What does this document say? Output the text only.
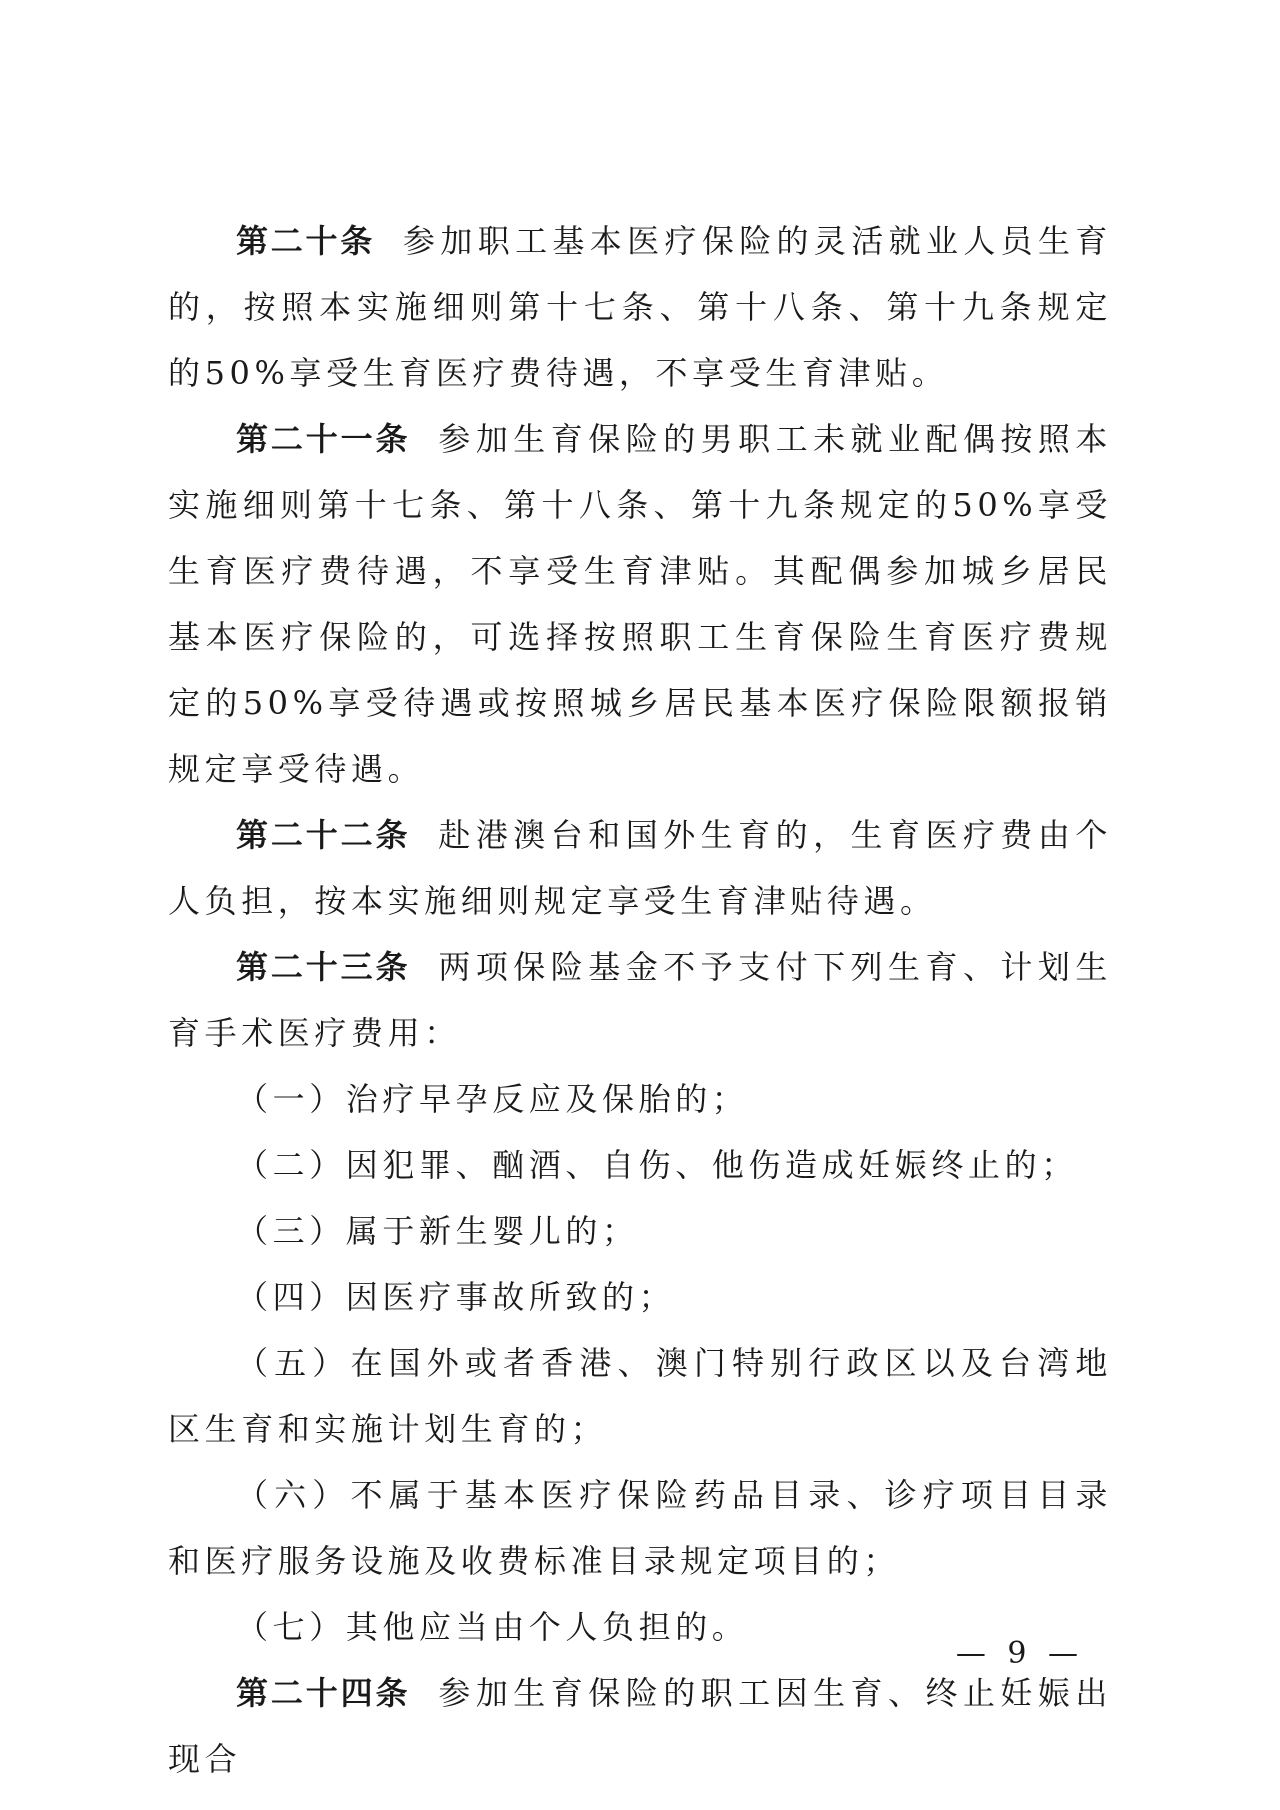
第二十条 参加职工基本医疗保险的灵活就业人员生育的，按照本实施细则第十七条、第十八条、第十九条规定的50%享受生育医疗费待遇，不享受生育津贴。

第二十一条 参加生育保险的男职工未就业配偶按照本实施细则第十七条、第十八条、第十九条规定的50%享受生育医疗费待遇，不享受生育津贴。其配偶参加城乡居民基本医疗保险的，可选择按照职工生育保险生育医疗费规定的50%享受待遇或按照城乡居民基本医疗保险限额报销规定享受待遇。

第二十二条 赴港澳台和国外生育的，生育医疗费由个人负担，按本实施细则规定享受生育津贴待遇。

第二十三条 两项保险基金不予支付下列生育、计划生育手术医疗费用：

（一）治疗早孕反应及保胎的；

（二）因犯罪、酗酒、自伤、他伤造成妊娠终止的；

（三）属于新生婴儿的；

（四）因医疗事故所致的；

（五）在国外或者香港、澳门特别行政区以及台湾地区生育和实施计划生育的；

（六）不属于基本医疗保险药品目录、诊疗项目目录和医疗服务设施及收费标准目录规定项目的；

（七）其他应当由个人负担的。

第二十四条 参加生育保险的职工因生育、终止妊娠出现合

— 9 —
